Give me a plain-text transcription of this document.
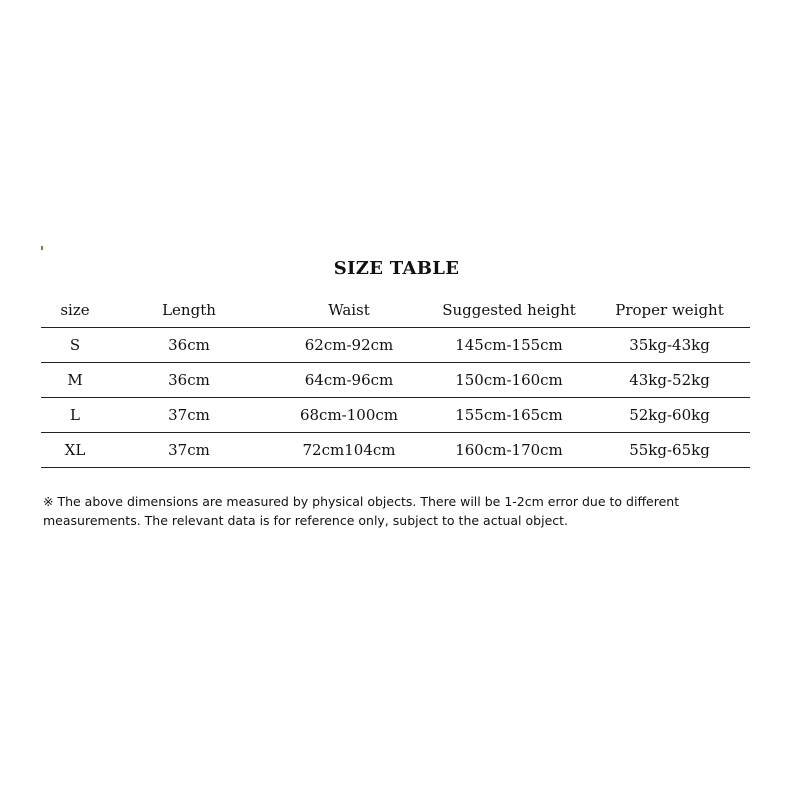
SIZE TABLE
size	Length	Waist	Suggested height	Proper weight
S	36cm	62cm-92cm	145cm-155cm	35kg-43kg
M	36cm	64cm-96cm	150cm-160cm	43kg-52kg
L	37cm	68cm-100cm	155cm-165cm	52kg-60kg
XL	37cm	72cm104cm	160cm-170cm	55kg-65kg

※ The above dimensions are measured by physical objects. There will be 1-2cm error due to different

measurements. The relevant data is for reference only, subject to the actual object.
